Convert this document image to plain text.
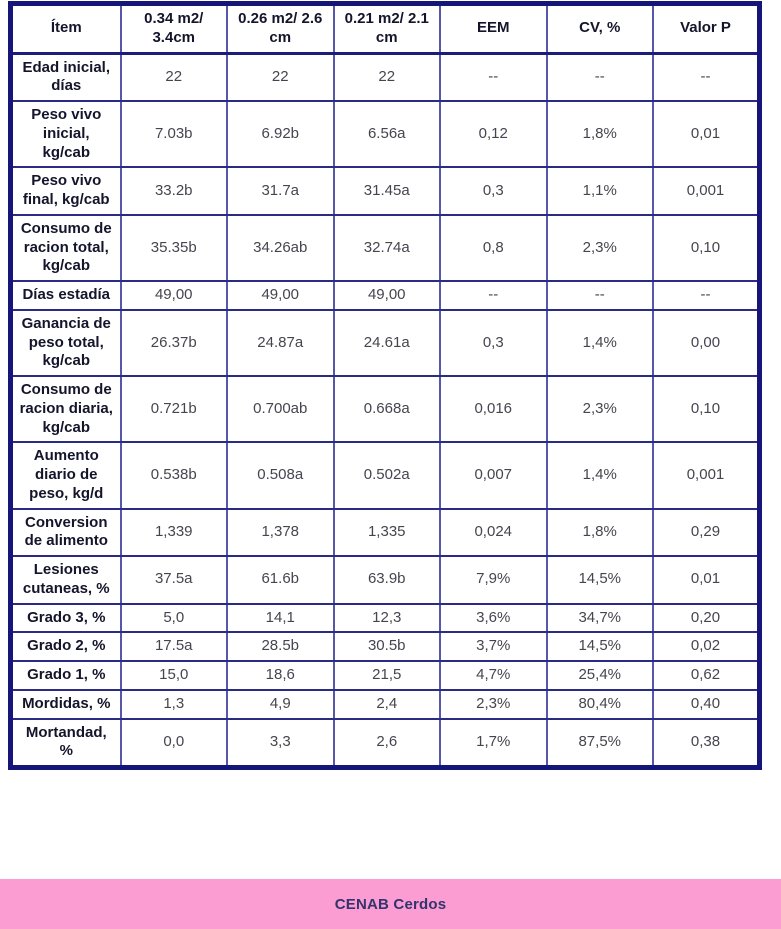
Ítem	0.34 m2/ 3.4cm	0.26 m2/ 2.6 cm	0.21 m2/ 2.1 cm	EEM	CV, %	Valor P
Edad inicial, días	22	22	22	--	--	--
Peso vivo inicial, kg/cab	7.03b	6.92b	6.56a	0,12	1,8%	0,01
Peso vivo final, kg/cab	33.2b	31.7a	31.45a	0,3	1,1%	0,001
Consumo de racion total, kg/cab	35.35b	34.26ab	32.74a	0,8	2,3%	0,10
Días estadía	49,00	49,00	49,00	--	--	--
Ganancia de peso total, kg/cab	26.37b	24.87a	24.61a	0,3	1,4%	0,00
Consumo de racion diaria, kg/cab	0.721b	0.700ab	0.668a	0,016	2,3%	0,10
Aumento diario de peso, kg/d	0.538b	0.508a	0.502a	0,007	1,4%	0,001
Conversion de alimento	1,339	1,378	1,335	0,024	1,8%	0,29
Lesiones cutaneas, %	37.5a	61.6b	63.9b	7,9%	14,5%	0,01
Grado 3, %	5,0	14,1	12,3	3,6%	34,7%	0,20
Grado 2, %	17.5a	28.5b	30.5b	3,7%	14,5%	0,02
Grado 1, %	15,0	18,6	21,5	4,7%	25,4%	0,62
Mordidas, %	1,3	4,9	2,4	2,3%	80,4%	0,40
Mortandad, %	0,0	3,3	2,6	1,7%	87,5%	0,38
CENAB Cerdos
